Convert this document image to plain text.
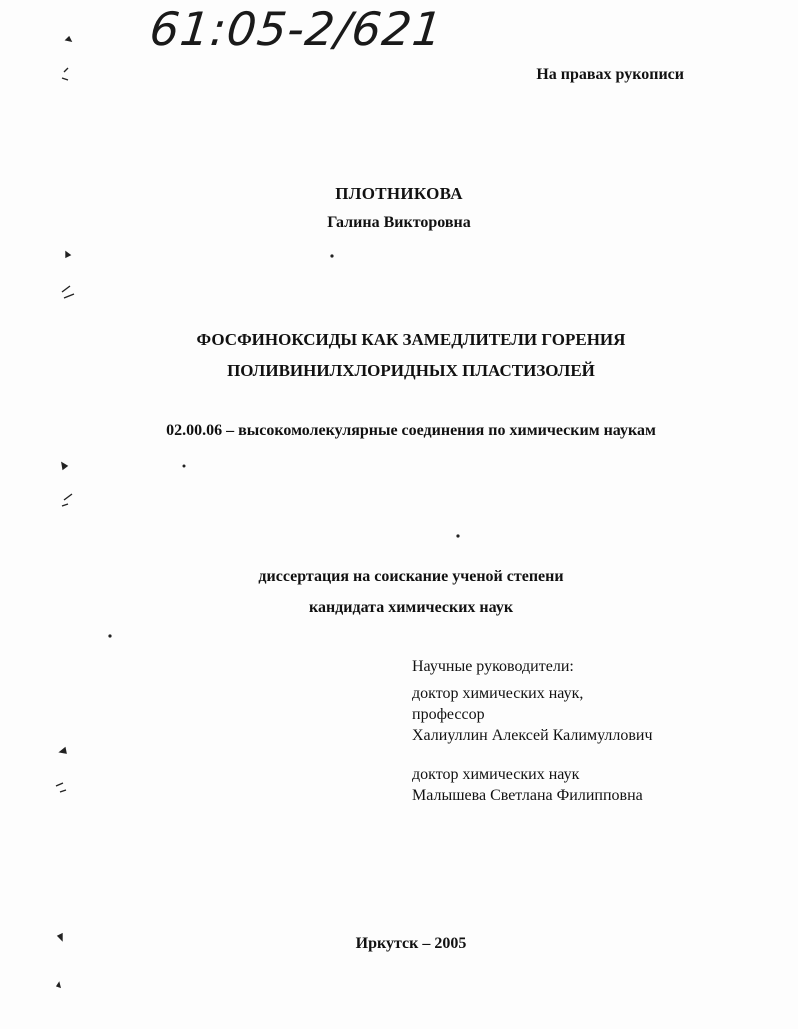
61:05-2/621
На правах рукописи
ПЛОТНИКОВА
Галина Викторовна
ФОСФИНОКСИДЫ КАК ЗАМЕДЛИТЕЛИ ГОРЕНИЯ
ПОЛИВИНИЛХЛОРИДНЫХ ПЛАСТИЗОЛЕЙ
02.00.06 – высокомолекулярные соединения по химическим наукам
диссертация на соискание ученой степени
кандидата химических наук
Научные руководители:
доктор химических наук,
профессор
Халиуллин Алексей Калимуллович
доктор химических наук
Малышева Светлана Филипповна
Иркутск – 2005
